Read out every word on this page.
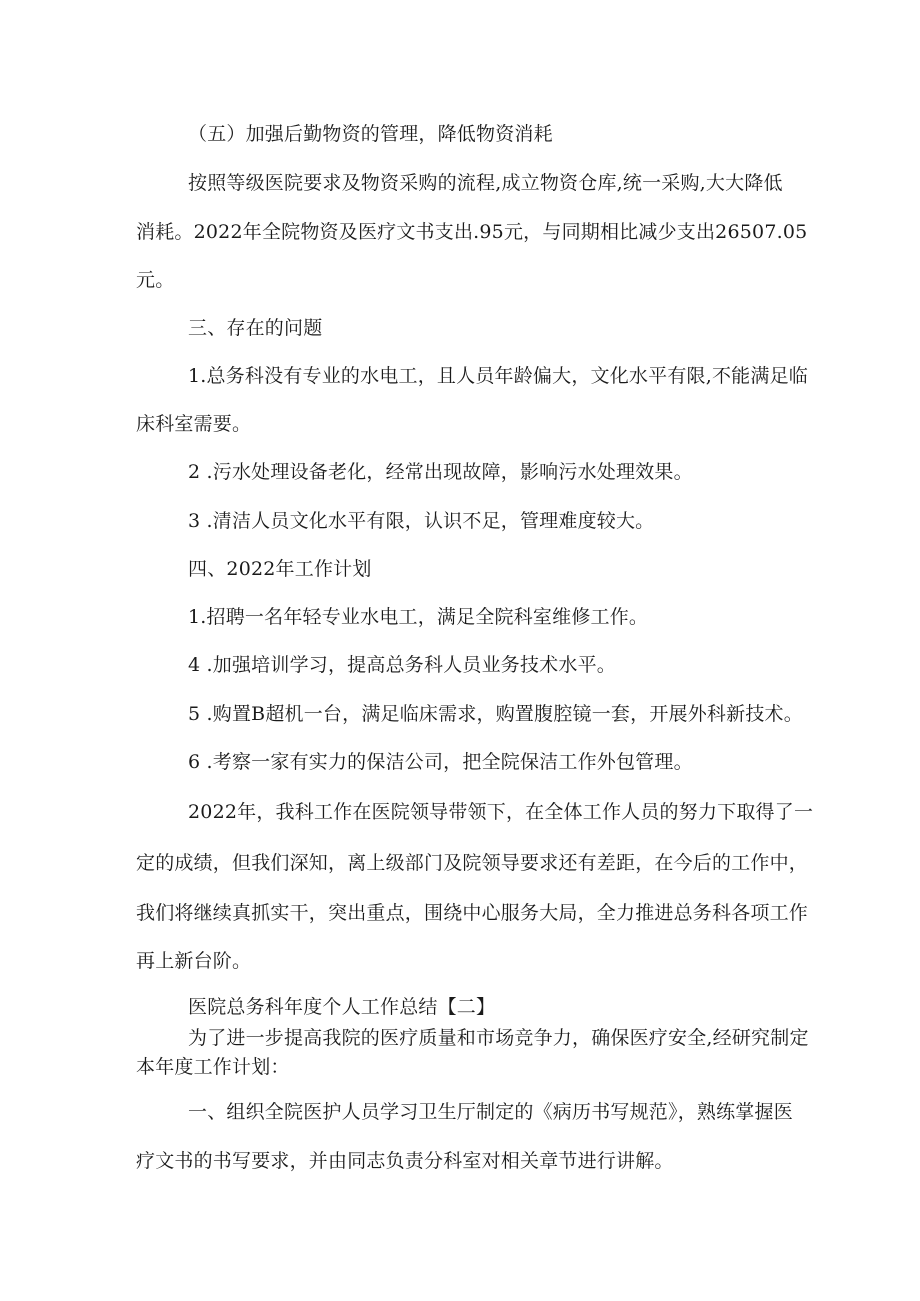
（五）加强后勤物资的管理，降低物资消耗

按照等级医院要求及物资采购的流程,成立物资仓库,统一采购,大大降低

消耗。2022年全院物资及医疗文书支出.95元，与同期相比减少支出26507.05

元。

三、存在的问题

1.总务科没有专业的水电工，且人员年龄偏大，文化水平有限,不能满足临

床科室需要。

2 .污水处理设备老化，经常出现故障，影响污水处理效果。

3 .清洁人员文化水平有限，认识不足，管理难度较大。

四、2022年工作计划

1.招聘一名年轻专业水电工，满足全院科室维修工作。

4 .加强培训学习，提高总务科人员业务技术水平。

5 .购置B超机一台，满足临床需求，购置腹腔镜一套，开展外科新技术。

6 .考察一家有实力的保洁公司，把全院保洁工作外包管理。

2022年，我科工作在医院领导带领下，在全体工作人员的努力下取得了一

定的成绩，但我们深知，离上级部门及院领导要求还有差距，在今后的工作中，

我们将继续真抓实干，突出重点，围绕中心服务大局，全力推进总务科各项工作

再上新台阶。

医院总务科年度个人工作总结【二】

为了进一步提高我院的医疗质量和市场竞争力，确保医疗安全,经研究制定

本年度工作计划：

一、组织全院医护人员学习卫生厅制定的《病历书写规范》，熟练掌握医

疗文书的书写要求，并由同志负责分科室对相关章节进行讲解。
